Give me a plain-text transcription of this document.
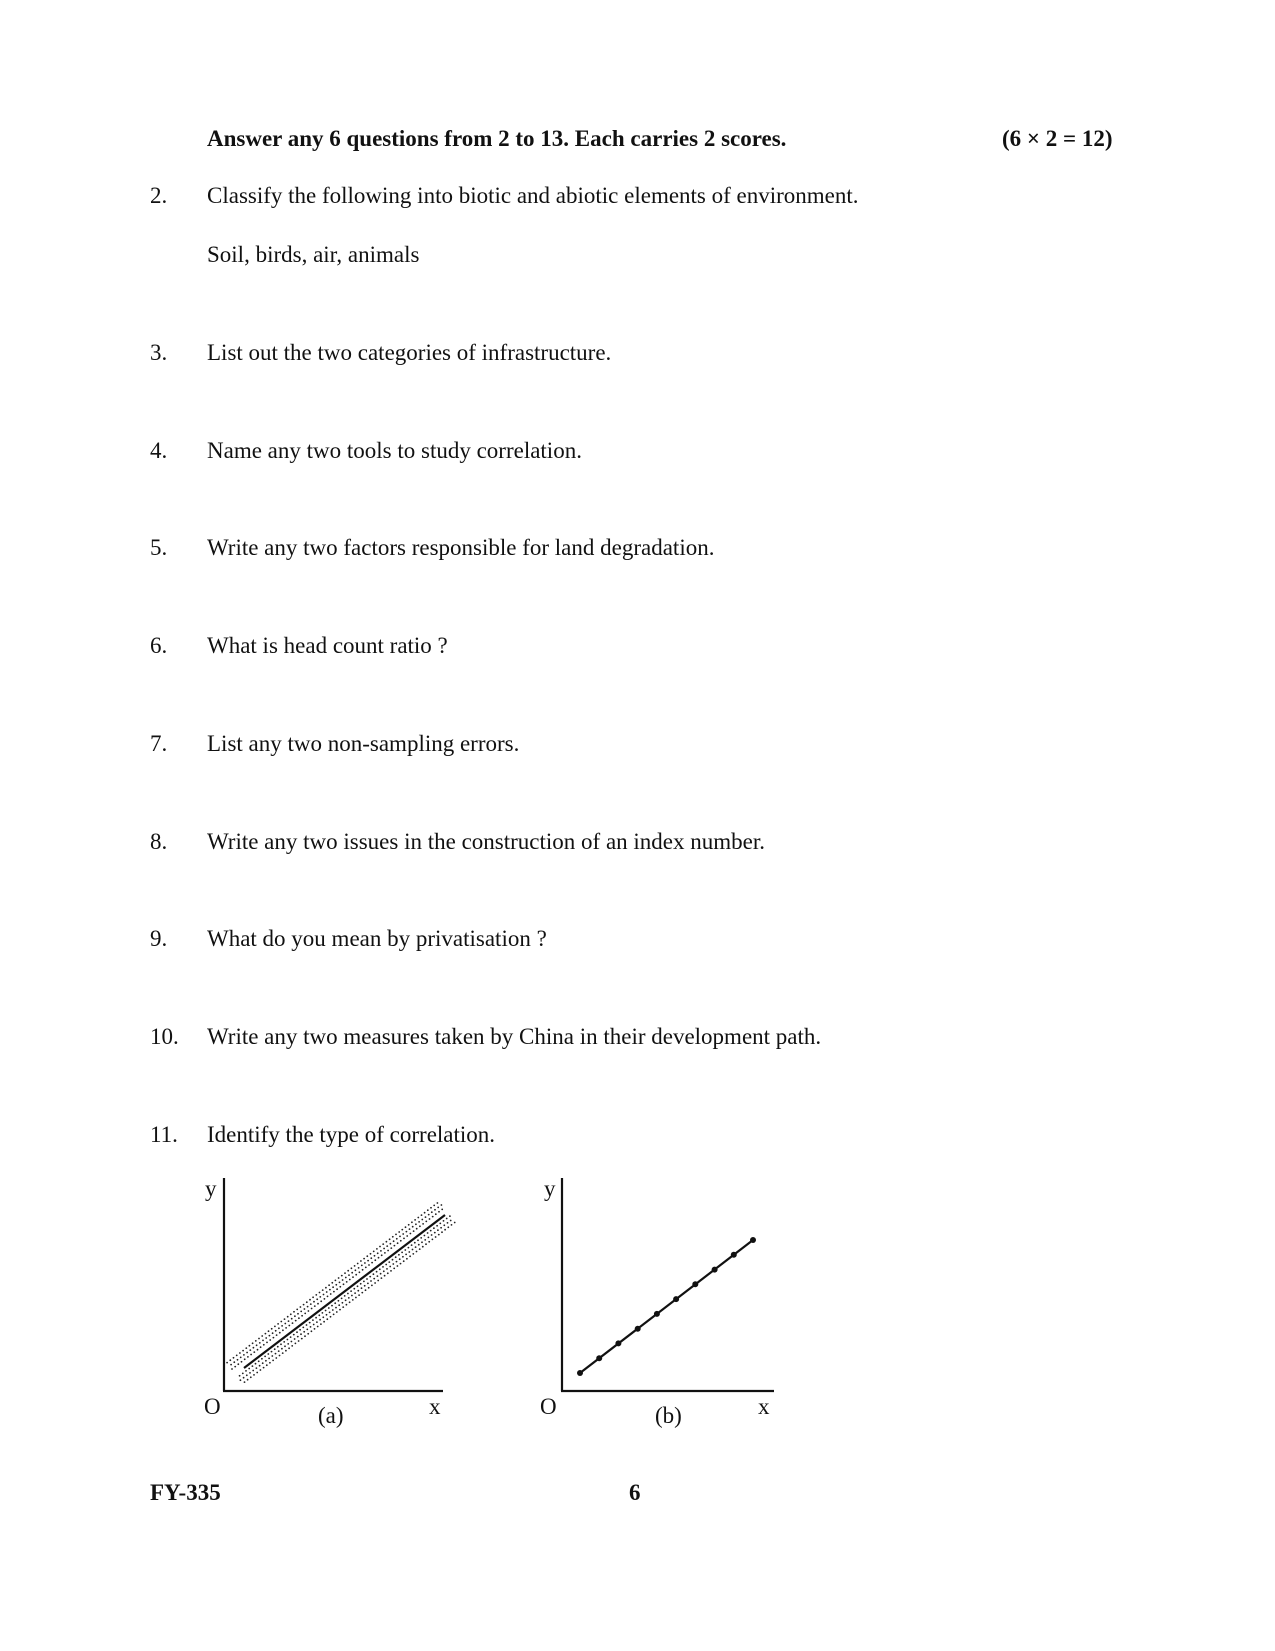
Answer any 6 questions from 2 to 13. Each carries 2 scores.	(6 × 2 = 12)
2. Classify the following into biotic and abiotic elements of environment.
Soil, birds, air, animals
3. List out the two categories of infrastructure.
4. Name any two tools to study correlation.
5. Write any two factors responsible for land degradation.
6. What is head count ratio ?
7. List any two non-sampling errors.
8. Write any two issues in the construction of an index number.
9. What do you mean by privatisation ?
10. Write any two measures taken by China in their development path.
11. Identify the type of correlation.
y
O	x
(a)
y
O	x
(b)
FY-335	6
